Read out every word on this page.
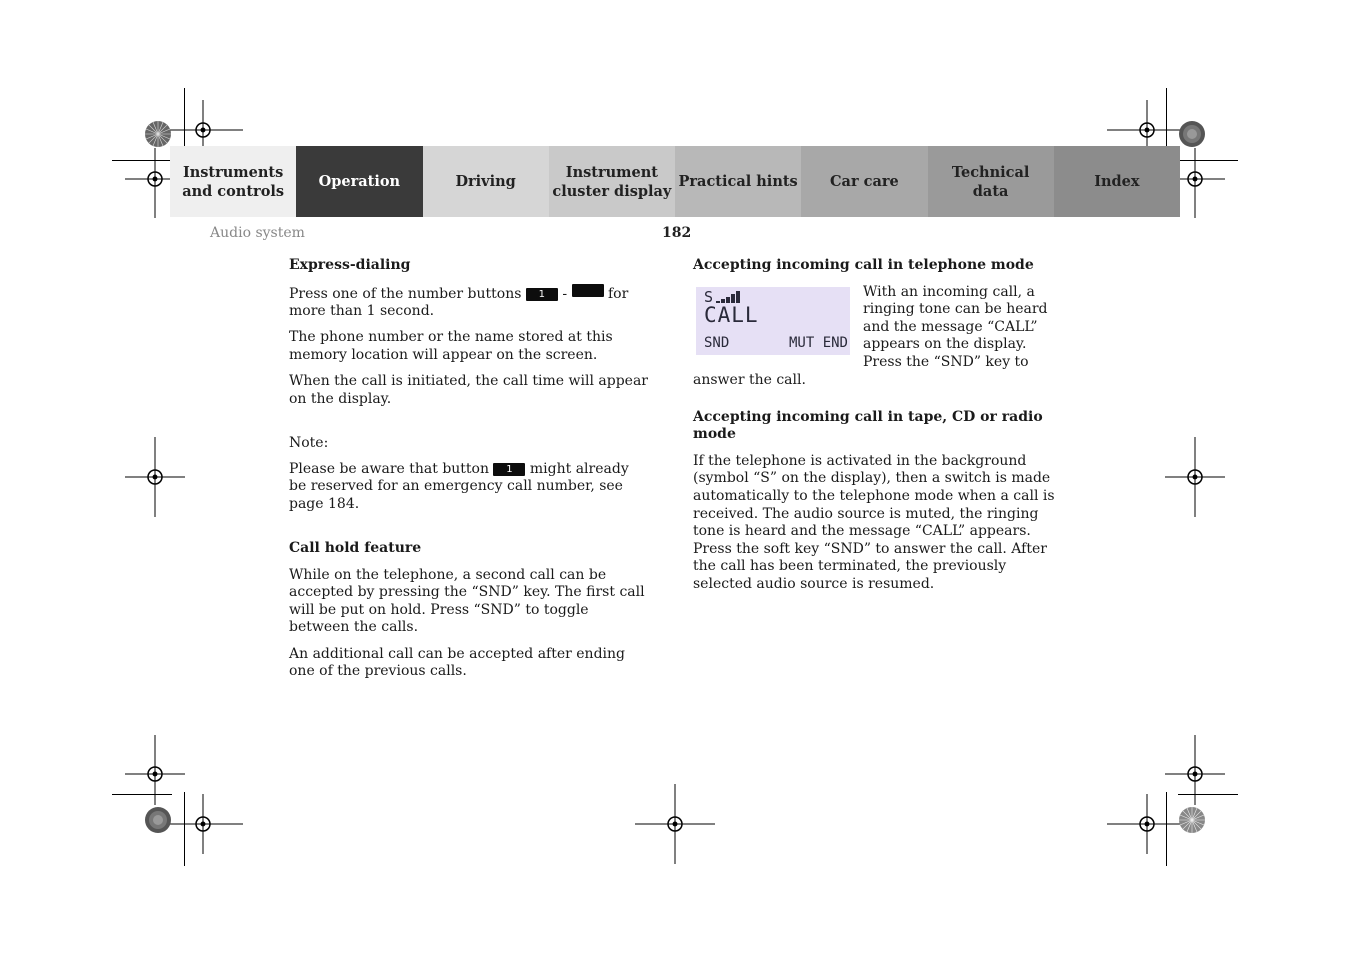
Instruments
and controls
Operation	Driving
Instrument
cluster display
Practical hints Car care
Technical
data
Index
Audio system	182
Express-dialing

Press one of the number buttons 1 -	for more than 1 second.

The phone number or the name stored at this memory location will appear on the screen.

When the call is initiated, the call time will appear on the display.

Note:

Please be aware that button 1 might already be reserved for an emergency call number, see page 184.

Call hold feature

While on the telephone, a second call can be accepted by pressing the “SND” key. The first call will be put on hold. Press “SND” to toggle between the calls.

An additional call can be accepted after ending one of the previous calls.

Accepting incoming call in telephone mode
S
CALL
SND	MUT END

With an incoming call, a ringing tone can be heard and the message “CALL” appears on the display. Press the “SND” key to answer the call.

Accepting incoming call in tape, CD or radio mode

If the telephone is activated in the background (symbol “S” on the display), then a switch is made automatically to the telephone mode when a call is received. The audio source is muted, the ringing tone is heard and the message “CALL” appears. Press the soft key “SND” to answer the call. After the call has been terminated, the previously selected audio source is resumed.
